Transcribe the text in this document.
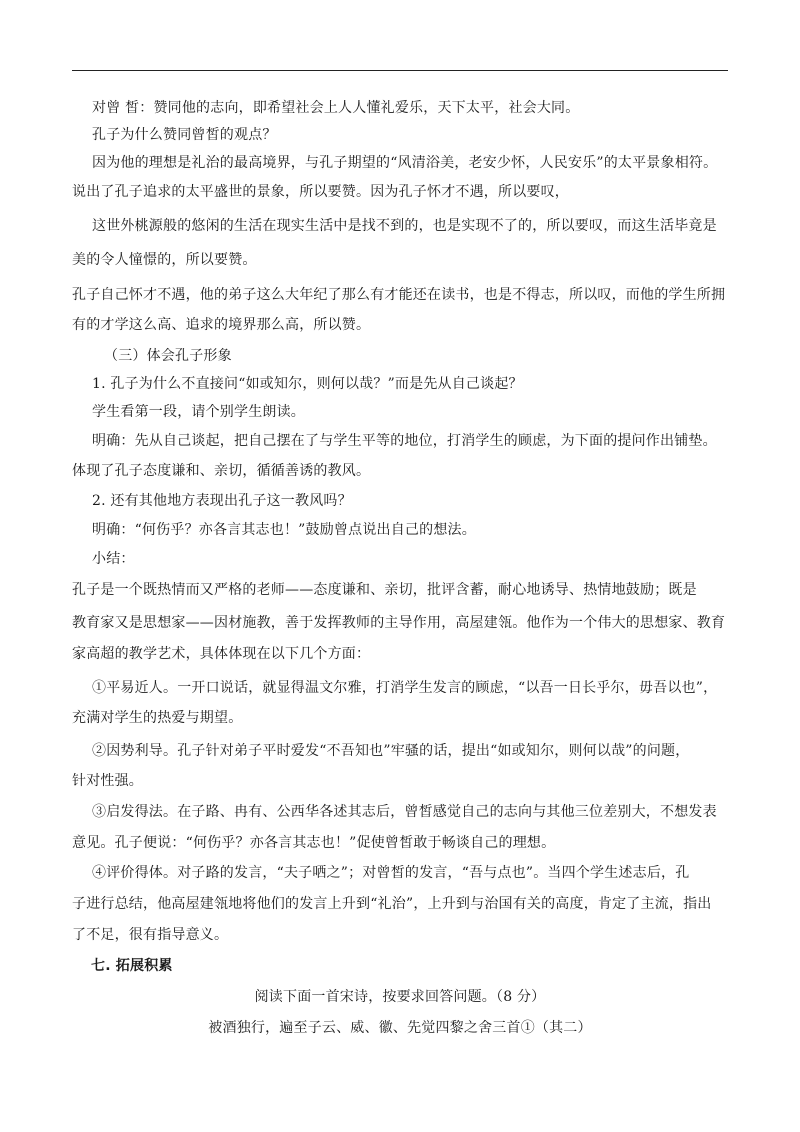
对曾 皙：赞同他的志向，即希望社会上人人懂礼爱乐，天下太平，社会大同。
孔子为什么赞同曾皙的观点？
因为他的理想是礼治的最高境界，与孔子期望的“风清浴美，老安少怀，人民安乐”的太平景象相符。
说出了孔子追求的太平盛世的景象，所以要赞。因为孔子怀才不遇，所以要叹，
这世外桃源般的悠闲的生活在现实生活中是找不到的，也是实现不了的，所以要叹，而这生活毕竟是
美的令人憧憬的，所以要赞。
孔子自己怀才不遇，他的弟子这么大年纪了那么有才能还在读书，也是不得志，所以叹，而他的学生所拥
有的才学这么高、追求的境界那么高，所以赞。
（三）体会孔子形象
1. 孔子为什么不直接问“如或知尔，则何以哉？”而是先从自己谈起？
学生看第一段，请个别学生朗读。
明确：先从自己谈起，把自己摆在了与学生平等的地位，打消学生的顾虑，为下面的提问作出铺垫。
体现了孔子态度谦和、亲切，循循善诱的教风。
2. 还有其他地方表现出孔子这一教风吗？
明确：“何伤乎？亦各言其志也！”鼓励曾点说出自己的想法。
小结：
孔子是一个既热情而又严格的老师——态度谦和、亲切，批评含蓄，耐心地诱导、热情地鼓励；既是
教育家又是思想家——因材施教，善于发挥教师的主导作用，高屋建瓴。他作为一个伟大的思想家、教育
家高超的教学艺术，具体体现在以下几个方面：
①平易近人。一开口说话，就显得温文尔雅，打消学生发言的顾虑，“以吾一日长乎尔，毋吾以也”，
充满对学生的热爱与期望。
②因势利导。孔子针对弟子平时爱发“不吾知也”牢骚的话，提出“如或知尔，则何以哉”的问题，
针对性强。
③启发得法。在子路、冉有、公西华各述其志后，曾皙感觉自己的志向与其他三位差别大，不想发表
意见。孔子便说：“何伤乎？亦各言其志也！”促使曾皙敢于畅谈自己的理想。
④评价得体。对子路的发言，“夫子哂之”；对曾皙的发言，“吾与点也”。当四个学生述志后，孔
子进行总结，他高屋建瓴地将他们的发言上升到“礼治”，上升到与治国有关的高度，肯定了主流，指出
了不足，很有指导意义。
七. 拓展积累
阅读下面一首宋诗，按要求回答问题。（8 分）
被酒独行，遍至子云、威、徽、先觉四黎之舍三首①（其二）
